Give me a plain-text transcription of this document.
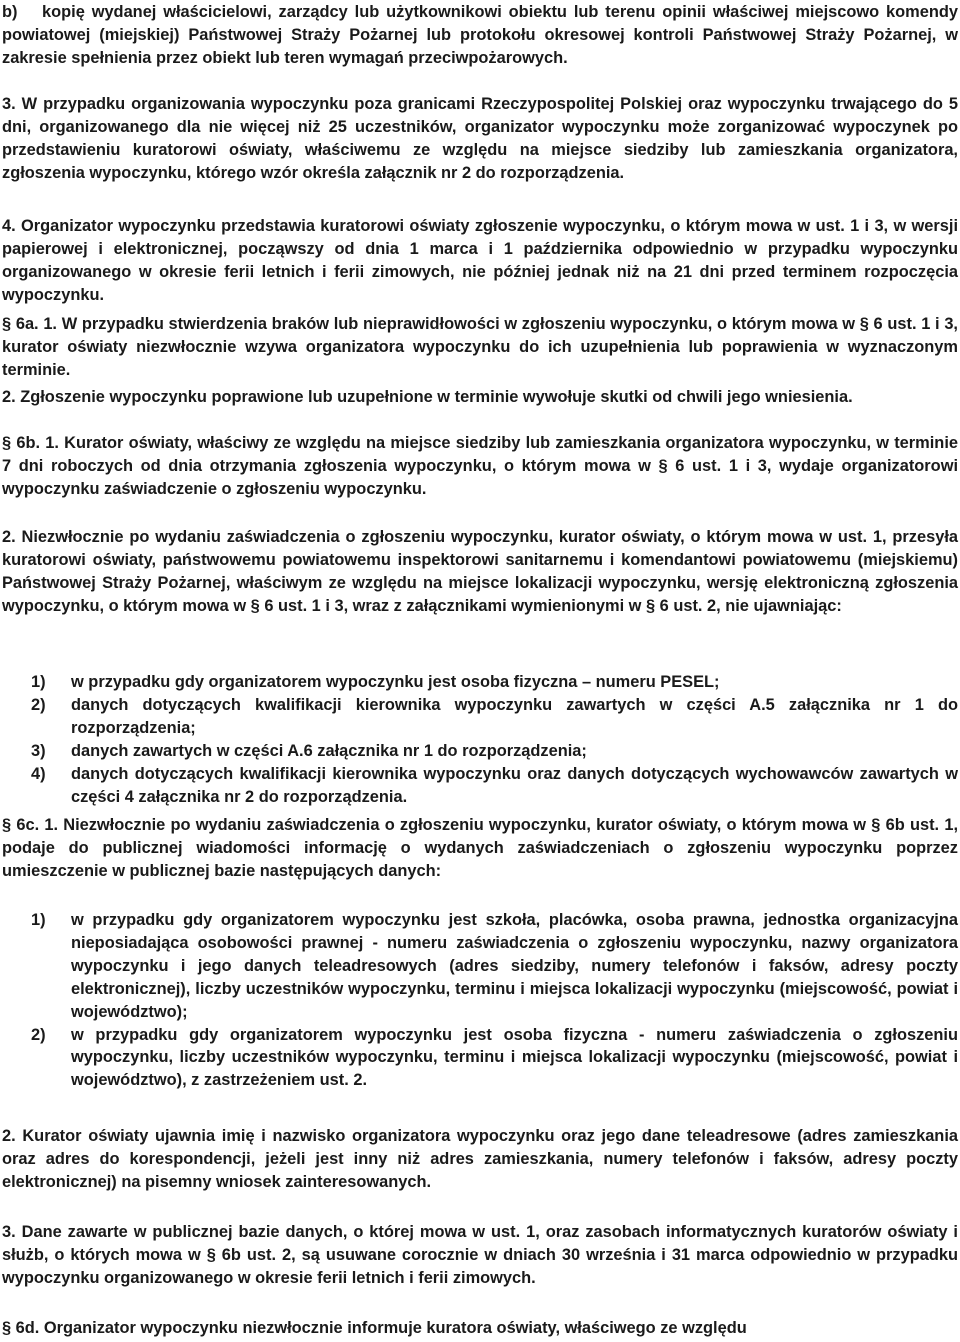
b) kopię wydanej właścicielowi, zarządcy lub użytkownikowi obiektu lub terenu opinii właściwej miejscowo komendy powiatowej (miejskiej) Państwowej Straży Pożarnej lub protokołu okresowej kontroli Państwowej Straży Pożarnej, w zakresie spełnienia przez obiekt lub teren wymagań przeciwpożarowych.

3. W przypadku organizowania wypoczynku poza granicami Rzeczypospolitej Polskiej oraz wypoczynku trwającego do 5 dni, organizowanego dla nie więcej niż 25 uczestników, organizator wypoczynku może zorganizować wypoczynek po przedstawieniu kuratorowi oświaty, właściwemu ze względu na miejsce siedziby lub zamieszkania organizatora, zgłoszenia wypoczynku, którego wzór określa załącznik nr 2 do rozporządzenia.

4. Organizator wypoczynku przedstawia kuratorowi oświaty zgłoszenie wypoczynku, o którym mowa w ust. 1 i 3, w wersji papierowej i elektronicznej, począwszy od dnia 1 marca i 1 października odpowiednio w przypadku wypoczynku organizowanego w okresie ferii letnich i ferii zimowych, nie później jednak niż na 21 dni przed terminem rozpoczęcia wypoczynku.

§ 6a. 1. W przypadku stwierdzenia braków lub nieprawidłowości w zgłoszeniu wypoczynku, o którym mowa w § 6 ust. 1 i 3, kurator oświaty niezwłocznie wzywa organizatora wypoczynku do ich uzupełnienia lub poprawienia w wyznaczonym terminie.

2. Zgłoszenie wypoczynku poprawione lub uzupełnione w terminie wywołuje skutki od chwili jego wniesienia.

§ 6b. 1. Kurator oświaty, właściwy ze względu na miejsce siedziby lub zamieszkania organizatora wypoczynku, w terminie 7 dni roboczych od dnia otrzymania zgłoszenia wypoczynku, o którym mowa w § 6 ust. 1 i 3, wydaje organizatorowi wypoczynku zaświadczenie o zgłoszeniu wypoczynku.

2. Niezwłocznie po wydaniu zaświadczenia o zgłoszeniu wypoczynku, kurator oświaty, o którym mowa w ust. 1, przesyła kuratorowi oświaty, państwowemu powiatowemu inspektorowi sanitarnemu i komendantowi powiatowemu (miejskiemu) Państwowej Straży Pożarnej, właściwym ze względu na miejsce lokalizacji wypoczynku, wersję elektroniczną zgłoszenia wypoczynku, o którym mowa w § 6 ust. 1 i 3, wraz z załącznikami wymienionymi w § 6 ust. 2, nie ujawniając:

1)	w przypadku gdy organizatorem wypoczynku jest osoba fizyczna – numeru PESEL;
2)	danych dotyczących kwalifikacji kierownika wypoczynku zawartych w części A.5 załącznika nr 1 do rozporządzenia;
3)	danych zawartych w części A.6 załącznika nr 1 do rozporządzenia;
4)	danych dotyczących kwalifikacji kierownika wypoczynku oraz danych dotyczących wychowawców zawartych w części 4 załącznika nr 2 do rozporządzenia.

§ 6c. 1. Niezwłocznie po wydaniu zaświadczenia o zgłoszeniu wypoczynku, kurator oświaty, o którym mowa w § 6b ust. 1, podaje do publicznej wiadomości informację o wydanych zaświadczeniach o zgłoszeniu wypoczynku poprzez umieszczenie w publicznej bazie następujących danych:

1)	w przypadku gdy organizatorem wypoczynku jest szkoła, placówka, osoba prawna, jednostka organizacyjna nieposiadająca osobowości prawnej - numeru zaświadczenia o zgłoszeniu wypoczynku, nazwy organizatora wypoczynku i jego danych teleadresowych (adres siedziby, numery telefonów i faksów, adresy poczty elektronicznej), liczby uczestników wypoczynku, terminu i miejsca lokalizacji wypoczynku (miejscowość, powiat i województwo);
2)	w przypadku gdy organizatorem wypoczynku jest osoba fizyczna - numeru zaświadczenia o zgłoszeniu wypoczynku, liczby uczestników wypoczynku, terminu i miejsca lokalizacji wypoczynku (miejscowość, powiat i województwo), z zastrzeżeniem ust. 2.

2. Kurator oświaty ujawnia imię i nazwisko organizatora wypoczynku oraz jego dane teleadresowe (adres zamieszkania oraz adres do korespondencji, jeżeli jest inny niż adres zamieszkania, numery telefonów i faksów, adresy poczty elektronicznej) na pisemny wniosek zainteresowanych.

3. Dane zawarte w publicznej bazie danych, o której mowa w ust. 1, oraz zasobach informatycznych kuratorów oświaty i służb, o których mowa w § 6b ust. 2, są usuwane corocznie w dniach 30 września i 31 marca odpowiednio w przypadku wypoczynku organizowanego w okresie ferii letnich i ferii zimowych.

§ 6d. Organizator wypoczynku niezwłocznie informuje kuratora oświaty, właściwego ze względu
